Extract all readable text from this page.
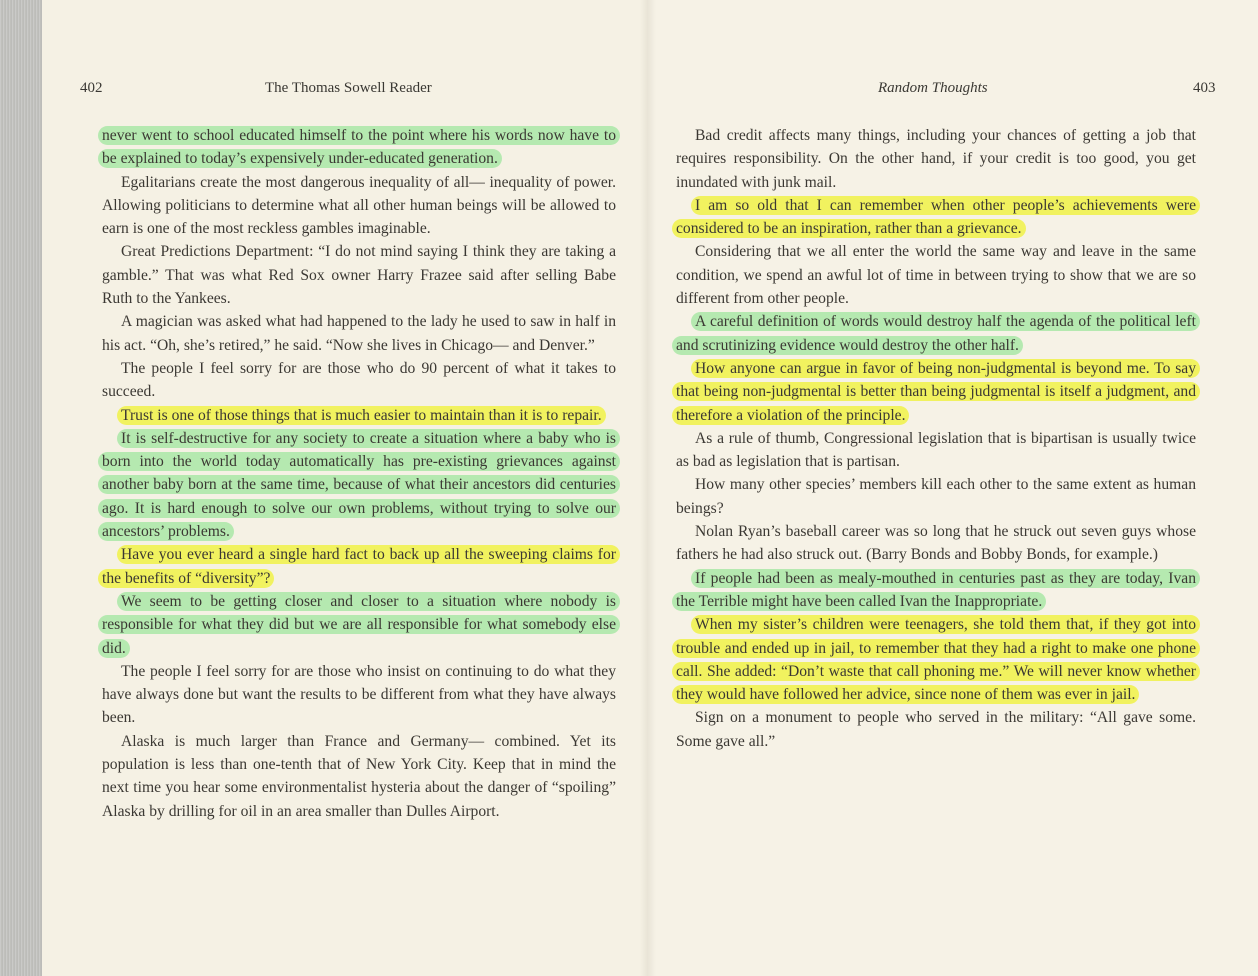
402	The Thomas Sowell Reader	Random Thoughts	403

never went to school educated himself to the point where his words now have to be explained to today’s expensively under-educated generation.

Egalitarians create the most dangerous inequality of all— inequality of power. Allowing politicians to determine what all other human beings will be allowed to earn is one of the most reckless gambles imaginable.

Great Predictions Department: “I do not mind saying I think they are taking a gamble.” That was what Red Sox owner Harry Frazee said after selling Babe Ruth to the Yankees.

A magician was asked what had happened to the lady he used to saw in half in his act. “Oh, she’s retired,” he said. “Now she lives in Chicago— and Denver.”

The people I feel sorry for are those who do 90 percent of what it takes to succeed.

Trust is one of those things that is much easier to maintain than it is to repair.

It is self-destructive for any society to create a situation where a baby who is born into the world today automatically has pre-existing grievances against another baby born at the same time, because of what their ancestors did centuries ago. It is hard enough to solve our own problems, without trying to solve our ancestors’ problems.

Have you ever heard a single hard fact to back up all the sweeping claims for the benefits of “diversity”?

We seem to be getting closer and closer to a situation where nobody is responsible for what they did but we are all responsible for what somebody else did.

The people I feel sorry for are those who insist on continuing to do what they have always done but want the results to be different from what they have always been.

Alaska is much larger than France and Germany— combined. Yet its population is less than one-tenth that of New York City. Keep that in mind the next time you hear some environmentalist hysteria about the danger of “spoiling” Alaska by drilling for oil in an area smaller than Dulles Airport.

Bad credit affects many things, including your chances of getting a job that requires responsibility. On the other hand, if your credit is too good, you get inundated with junk mail.

I am so old that I can remember when other people’s achievements were considered to be an inspiration, rather than a grievance.

Considering that we all enter the world the same way and leave in the same condition, we spend an awful lot of time in between trying to show that we are so different from other people.

A careful definition of words would destroy half the agenda of the political left and scrutinizing evidence would destroy the other half.

How anyone can argue in favor of being non-judgmental is beyond me. To say that being non-judgmental is better than being judgmental is itself a judgment, and therefore a violation of the principle.

As a rule of thumb, Congressional legislation that is bipartisan is usually twice as bad as legislation that is partisan.

How many other species’ members kill each other to the same extent as human beings?

Nolan Ryan’s baseball career was so long that he struck out seven guys whose fathers he had also struck out. (Barry Bonds and Bobby Bonds, for example.)

If people had been as mealy-mouthed in centuries past as they are today, Ivan the Terrible might have been called Ivan the Inappropriate.

When my sister’s children were teenagers, she told them that, if they got into trouble and ended up in jail, to remember that they had a right to make one phone call. She added: “Don’t waste that call phoning me.” We will never know whether they would have followed her advice, since none of them was ever in jail.

Sign on a monument to people who served in the military: “All gave some. Some gave all.”
